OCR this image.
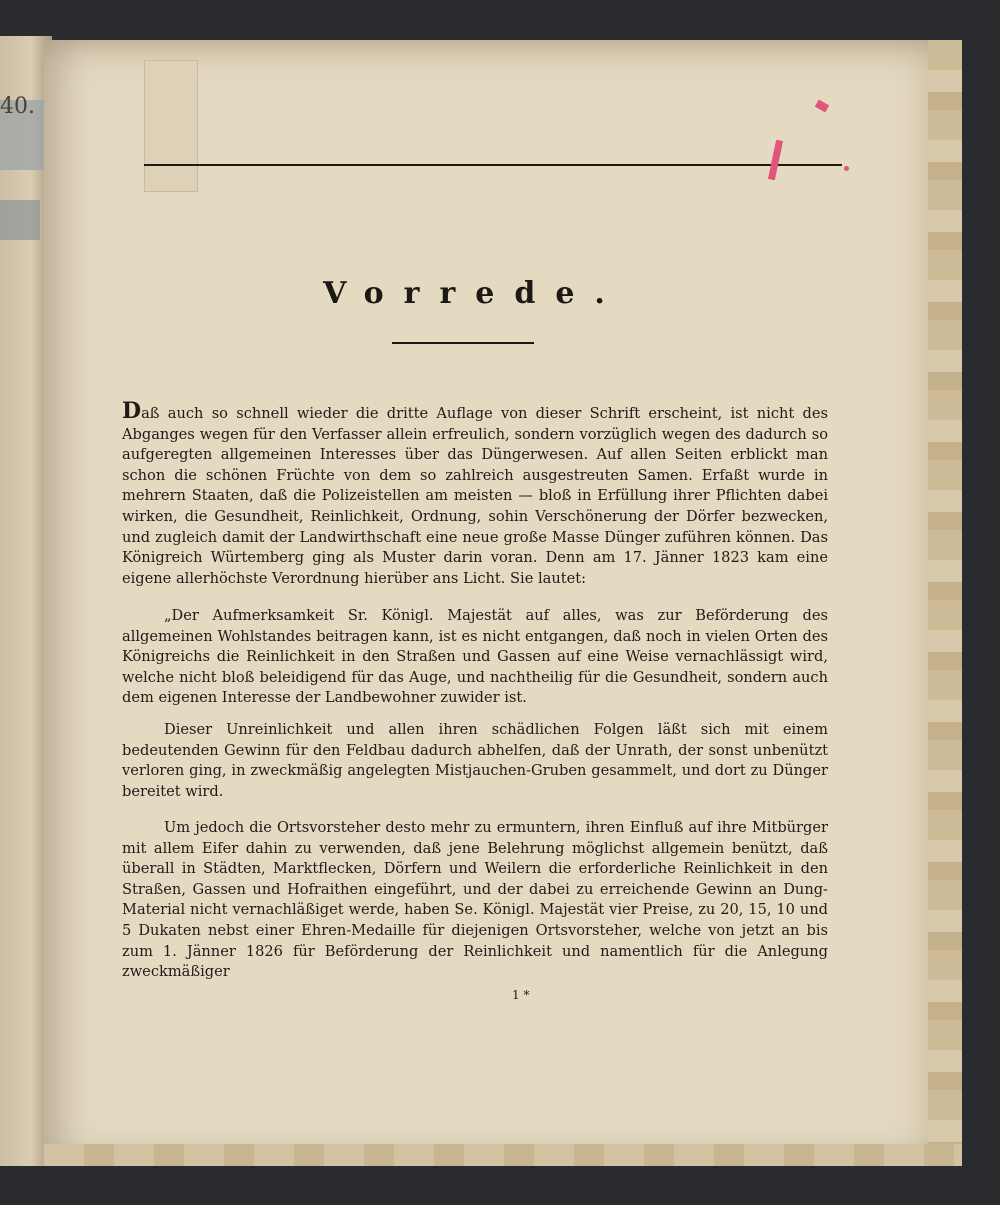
40.
Vorrede.
Daß auch so schnell wieder die dritte Auflage von dieser Schrift erscheint, ist nicht des Abganges wegen für den Verfasser allein erfreulich, sondern vorzüglich wegen des dadurch so aufgeregten allgemeinen Interesses über das Düngerwesen. Auf allen Seiten erblickt man schon die schönen Früchte von dem so zahlreich ausgestreuten Samen. Erfaßt wurde in mehrern Staaten, daß die Polizeistellen am meisten — bloß in Erfüllung ihrer Pflichten dabei wirken, die Gesundheit, Reinlichkeit, Ordnung, sohin Verschönerung der Dörfer bezwecken, und zugleich damit der Landwirthschaft eine neue große Masse Dünger zuführen können. Das Königreich Würtemberg ging als Muster darin voran. Denn am 17. Jänner 1823 kam eine eigene allerhöchste Verordnung hierüber ans Licht. Sie lautet:
„Der Aufmerksamkeit Sr. Königl. Majestät auf alles, was zur Beförderung des allgemeinen Wohlstandes beitragen kann, ist es nicht entgangen, daß noch in vielen Orten des Königreichs die Reinlichkeit in den Straßen und Gassen auf eine Weise vernachlässigt wird, welche nicht bloß beleidigend für das Auge, und nachtheilig für die Gesundheit, sondern auch dem eigenen Interesse der Landbewohner zuwider ist.
Dieser Unreinlichkeit und allen ihren schädlichen Folgen läßt sich mit einem bedeutenden Gewinn für den Feldbau dadurch abhelfen, daß der Unrath, der sonst unbenützt verloren ging, in zweckmäßig angelegten Mistjauchen-Gruben gesammelt, und dort zu Dünger bereitet wird.
Um jedoch die Ortsvorsteher desto mehr zu ermuntern, ihren Einfluß auf ihre Mitbürger mit allem Eifer dahin zu verwenden, daß jene Belehrung möglichst allgemein benützt, daß überall in Städten, Marktflecken, Dörfern und Weilern die erforderliche Reinlichkeit in den Straßen, Gassen und Hofraithen eingeführt, und der dabei zu erreichende Gewinn an Dung-Material nicht vernachläßiget werde, haben Se. Königl. Majestät vier Preise, zu 20, 15, 10 und 5 Dukaten nebst einer Ehren-Medaille für diejenigen Ortsvorsteher, welche von jetzt an bis zum 1. Jänner 1826 für Beförderung der Reinlichkeit und namentlich für die Anlegung zweckmäßiger
1 *
